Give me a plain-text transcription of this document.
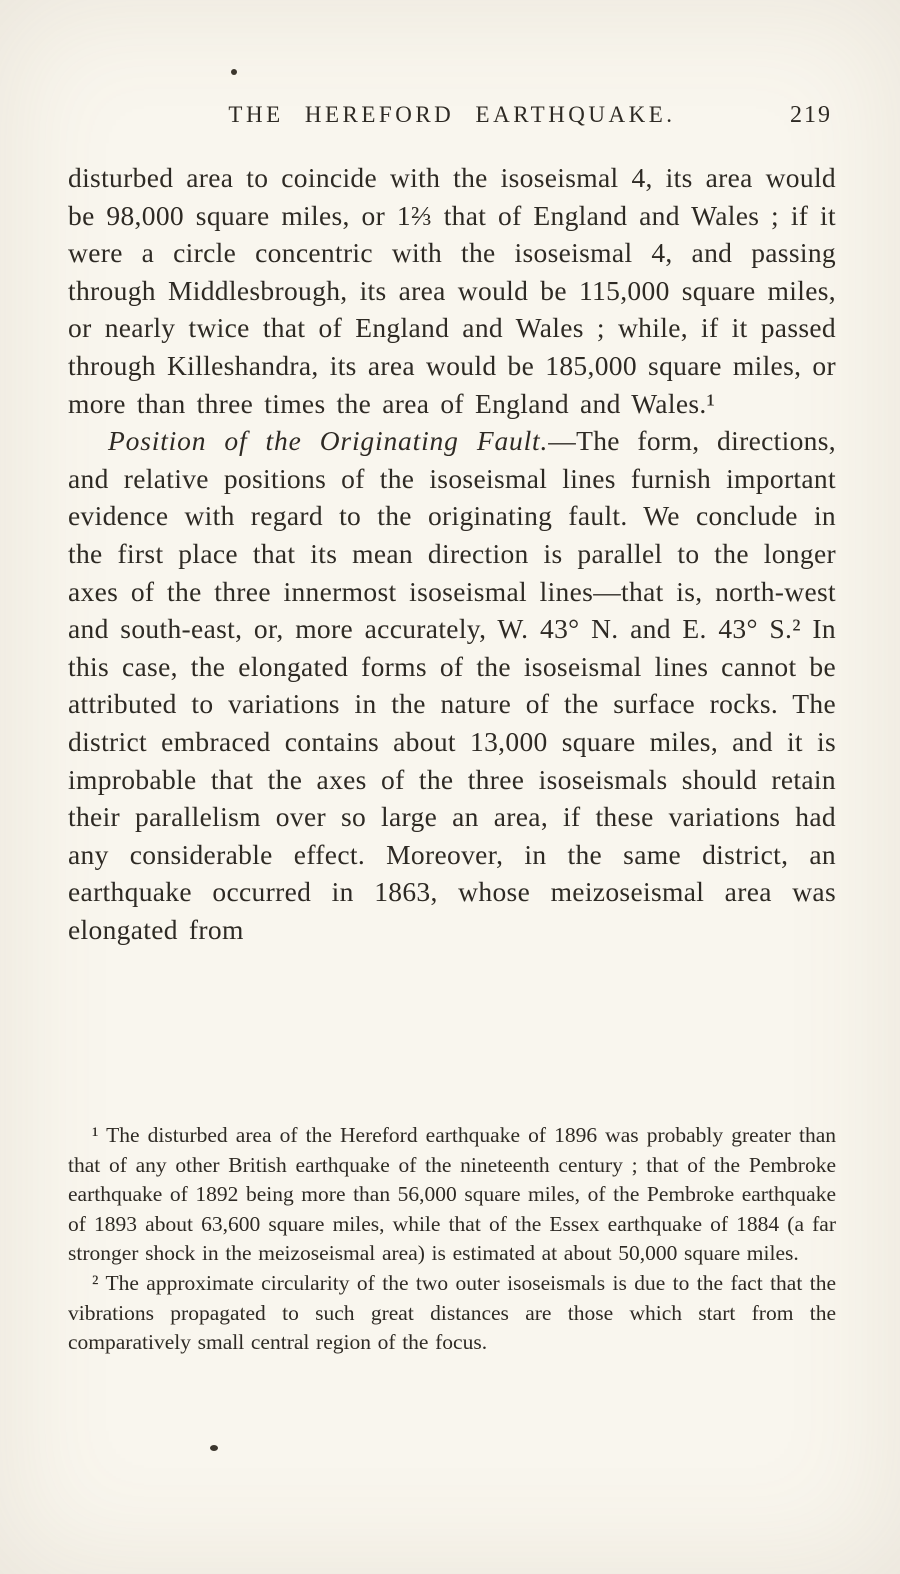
THE HEREFORD EARTHQUAKE.	219

disturbed area to coincide with the isoseismal 4, its area would be 98,000 square miles, or 1⅔ that of England and Wales ; if it were a circle concentric with the isoseismal 4, and passing through Middlesbrough, its area would be 115,000 square miles, or nearly twice that of England and Wales ; while, if it passed through Killeshandra, its area would be 185,000 square miles, or more than three times the area of England and Wales.¹

Position of the Originating Fault.—The form, directions, and relative positions of the isoseismal lines furnish important evidence with regard to the originating fault. We conclude in the first place that its mean direction is parallel to the longer axes of the three innermost isoseismal lines—that is, north-west and south-east, or, more accurately, W. 43° N. and E. 43° S.² In this case, the elongated forms of the isoseismal lines cannot be attributed to variations in the nature of the surface rocks. The district embraced contains about 13,000 square miles, and it is improbable that the axes of the three isoseismals should retain their parallelism over so large an area, if these variations had any considerable effect. Moreover, in the same district, an earthquake occurred in 1863, whose meizoseismal area was elongated from

¹ The disturbed area of the Hereford earthquake of 1896 was probably greater than that of any other British earthquake of the nineteenth century ; that of the Pembroke earthquake of 1892 being more than 56,000 square miles, of the Pembroke earthquake of 1893 about 63,600 square miles, while that of the Essex earthquake of 1884 (a far stronger shock in the meizoseismal area) is estimated at about 50,000 square miles.

² The approximate circularity of the two outer isoseismals is due to the fact that the vibrations propagated to such great distances are those which start from the comparatively small central region of the focus.
